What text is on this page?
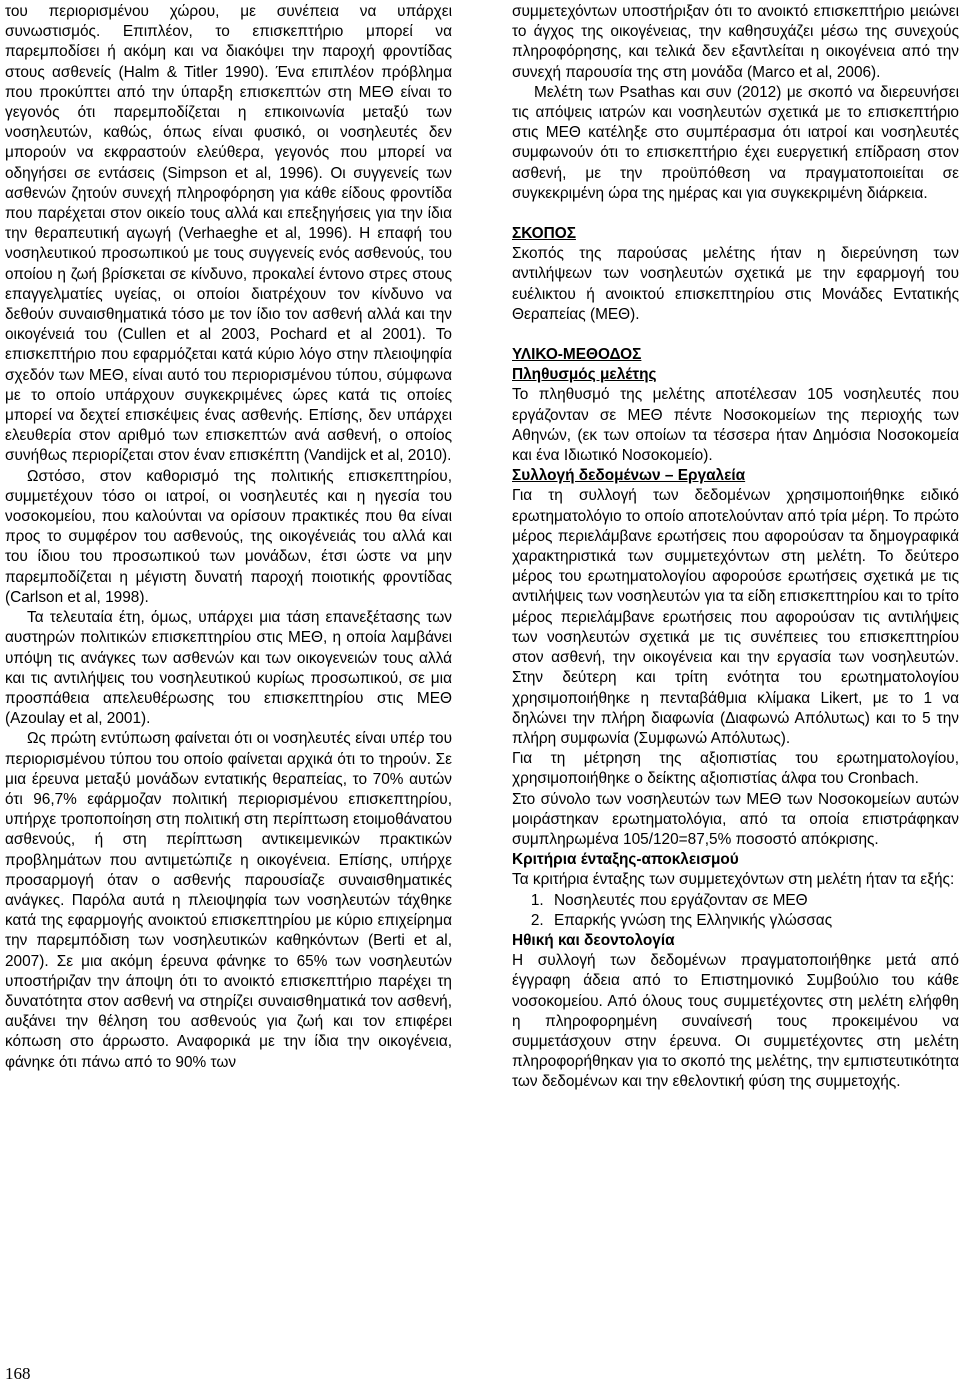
του περιορισμένου χώρου, με συνέπεια να υπάρχει συνωστισμός. Επιπλέον, το επισκεπτήριο μπορεί να παρεμποδίσει ή ακόμη και να διακόψει την παροχή φροντίδας στους ασθενείς (Halm & Titler 1990). Ένα επιπλέον πρόβλημα που προκύπτει από την ύπαρξη επισκεπτών στη ΜΕΘ είναι το γεγονός ότι παρεμποδίζεται η επικοινωνία μεταξύ των νοσηλευτών, καθώς, όπως είναι φυσικό, οι νοσηλευτές δεν μπορούν να εκφραστούν ελεύθερα, γεγονός που μπορεί να οδηγήσει σε εντάσεις (Simpson et al, 1996). Οι συγγενείς των ασθενών ζητούν συνεχή πληροφόρηση για κάθε είδους φροντίδα που παρέχεται στον οικείο τους αλλά και επεξηγήσεις για την ίδια την θεραπευτική αγωγή (Verhaeghe et al, 1996). Η επαφή του νοσηλευτικού προσωπικού με τους συγγενείς ενός ασθενούς, του οποίου η ζωή βρίσκεται σε κίνδυνο, προκαλεί έντονο στρες στους επαγγελματίες υγείας, οι οποίοι διατρέχουν τον κίνδυνο να δεθούν συναισθηματικά τόσο με τον ίδιο τον ασθενή αλλά και την οικογένειά του (Cullen et al 2003, Pochard et al 2001). Το επισκεπτήριο που εφαρμόζεται κατά κύριο λόγο στην πλειοψηφία σχεδόν των ΜΕΘ, είναι αυτό του περιορισμένου τύπου, σύμφωνα με το οποίο υπάρχουν συγκεκριμένες ώρες κατά τις οποίες μπορεί να δεχτεί επισκέψεις ένας ασθενής. Επίσης, δεν υπάρχει ελευθερία στον αριθμό των επισκεπτών ανά ασθενή, ο οποίος συνήθως περιορίζεται στον έναν επισκέπτη (Vandijck et al, 2010).

Ωστόσο, στον καθορισμό της πολιτικής επισκεπτηρίου, συμμετέχουν τόσο οι ιατροί, οι νοσηλευτές και η ηγεσία του νοσοκομείου, που καλούνται να ορίσουν πρακτικές που θα είναι προς το συμφέρον του ασθενούς, της οικογένειάς του αλλά και του ίδιου του προσωπικού των μονάδων, έτσι ώστε να μην παρεμποδίζεται η μέγιστη δυνατή παροχή ποιοτικής φροντίδας (Carlson et al, 1998).

Τα τελευταία έτη, όμως, υπάρχει μια τάση επανεξέτασης των αυστηρών πολιτικών επισκεπτηρίου στις ΜΕΘ, η οποία λαμβάνει υπόψη τις ανάγκες των ασθενών και των οικογενειών τους αλλά και τις αντιλήψεις του νοσηλευτικού κυρίως προσωπικού, σε μια προσπάθεια απελευθέρωσης του επισκεπτηρίου στις ΜΕΘ (Azoulay et al, 2001).

Ως πρώτη εντύπωση φαίνεται ότι οι νοσηλευτές είναι υπέρ του περιορισμένου τύπου του οποίο φαίνεται αρχικά ότι το τηρούν. Σε μια έρευνα μεταξύ μονάδων εντατικής θεραπείας, το 70% αυτών ότι 96,7% εφάρμοζαν πολιτική περιορισμένου επισκεπτηρίου, υπήρχε τροποποίηση στη πολιτική στη περίπτωση ετοιμοθάνατου ασθενούς, ή στη περίπτωση αντικειμενικών πρακτικών προβλημάτων που αντιμετώπιζε η οικογένεια. Επίσης, υπήρχε προσαρμογή όταν ο ασθενής παρουσίαζε συναισθηματικές ανάγκες. Παρόλα αυτά η πλειοψηφία των νοσηλευτών τάχθηκε κατά της εφαρμογής ανοικτού επισκεπτηρίου με κύριο επιχείρημα την παρεμπόδιση των νοσηλευτικών καθηκόντων (Berti et al, 2007). Σε μια ακόμη έρευνα φάνηκε το 65% των νοσηλευτών υποστήριζαν την άποψη ότι το ανοικτό επισκεπτήριο παρέχει τη δυνατότητα στον ασθενή να στηρίζει συναισθηματικά τον ασθενή, αυξάνει την θέληση του ασθενούς για ζωή και τον επιφέρει κόπωση στο άρρωστο. Αναφορικά με την ίδια την οικογένεια, φάνηκε ότι πάνω από το 90% των

συμμετεχόντων υποστήριξαν ότι το ανοικτό επισκεπτήριο μειώνει το άγχος της οικογένειας, την καθησυχάζει μέσω της συνεχούς πληροφόρησης, και τελικά δεν εξαντλείται η οικογένεια από την συνεχή παρουσία της στη μονάδα (Marco et al, 2006).

Μελέτη των Psathas και συν (2012) με σκοπό να διερευνήσει τις απόψεις ιατρών και νοσηλευτών σχετικά με το επισκεπτήριο στις ΜΕΘ κατέληξε στο συμπέρασμα ότι ιατροί και νοσηλευτές συμφωνούν ότι το επισκεπτήριο έχει ευεργετική επίδραση στον ασθενή, με την προϋπόθεση να πραγματοποιείται σε συγκεκριμένη ώρα της ημέρας και για συγκεκριμένη διάρκεια.

ΣΚΟΠΟΣ

Σκοπός της παρούσας μελέτης ήταν η διερεύνηση των αντιλήψεων των νοσηλευτών σχετικά με την εφαρμογή του ευέλικτου ή ανοικτού επισκεπτηρίου στις Μονάδες Εντατικής Θεραπείας (ΜΕΘ).

ΥΛΙΚΟ-ΜΕΘΟΔΟΣ

Πληθυσμός μελέτης

Το πληθυσμό της μελέτης αποτέλεσαν 105 νοσηλευτές που εργάζονταν σε ΜΕΘ πέντε Νοσοκομείων της περιοχής των Αθηνών, (εκ των οποίων τα τέσσερα ήταν Δημόσια Νοσοκομεία και ένα Ιδιωτικό Νοσοκομείο).

Συλλογή δεδομένων – Εργαλεία

Για τη συλλογή των δεδομένων χρησιμοποιήθηκε ειδικό ερωτηματολόγιο το οποίο αποτελούνταν από τρία μέρη. Το πρώτο μέρος περιελάμβανε ερωτήσεις που αφορούσαν τα δημογραφικά χαρακτηριστικά των συμμετεχόντων στη μελέτη. Το δεύτερο μέρος του ερωτηματολογίου αφορούσε ερωτήσεις σχετικά με τις αντιλήψεις των νοσηλευτών για τα είδη επισκεπτηρίου και το τρίτο μέρος περιελάμβανε ερωτήσεις που αφορούσαν τις αντιλήψεις των νοσηλευτών σχετικά με τις συνέπειες του επισκεπτηρίου στον ασθενή, την οικογένεια και την εργασία των νοσηλευτών. Στην δεύτερη και τρίτη ενότητα του ερωτηματολογίου χρησιμοποιήθηκε η πενταβάθμια κλίμακα Likert, με το 1 να δηλώνει την πλήρη διαφωνία (Διαφωνώ Απόλυτως) και το 5 την πλήρη συμφωνία (Συμφωνώ Απόλυτως).

Για τη μέτρηση της αξιοπιστίας του ερωτηματολογίου, χρησιμοποιήθηκε ο δείκτης αξιοπιστίας άλφα του Cronbach.

Στο σύνολο των νοσηλευτών των ΜΕΘ των Νοσοκομείων αυτών μοιράστηκαν ερωτηματολόγια, από τα οποία επιστράφηκαν συμπληρωμένα 105/120=87,5% ποσοστό απόκρισης.

Κριτήρια ένταξης-αποκλεισμού

Τα κριτήρια ένταξης των συμμετεχόντων στη μελέτη ήταν τα εξής:

1. Νοσηλευτές που εργάζονταν σε ΜΕΘ
2. Επαρκής γνώση της Ελληνικής γλώσσας

Ηθική και δεοντολογία

Η συλλογή των δεδομένων πραγματοποιήθηκε μετά από έγγραφη άδεια από το Επιστημονικό Συμβούλιο του κάθε νοσοκομείου. Από όλους τους συμμετέχοντες στη μελέτη ελήφθη η πληροφορημένη συναίνεσή τους προκειμένου να συμμετάσχουν στην έρευνα. Οι συμμετέχοντες στη μελέτη πληροφορήθηκαν για το σκοπό της μελέτης, την εμπιστευτικότητα των δεδομένων και την εθελοντική φύση της συμμετοχής.

168
